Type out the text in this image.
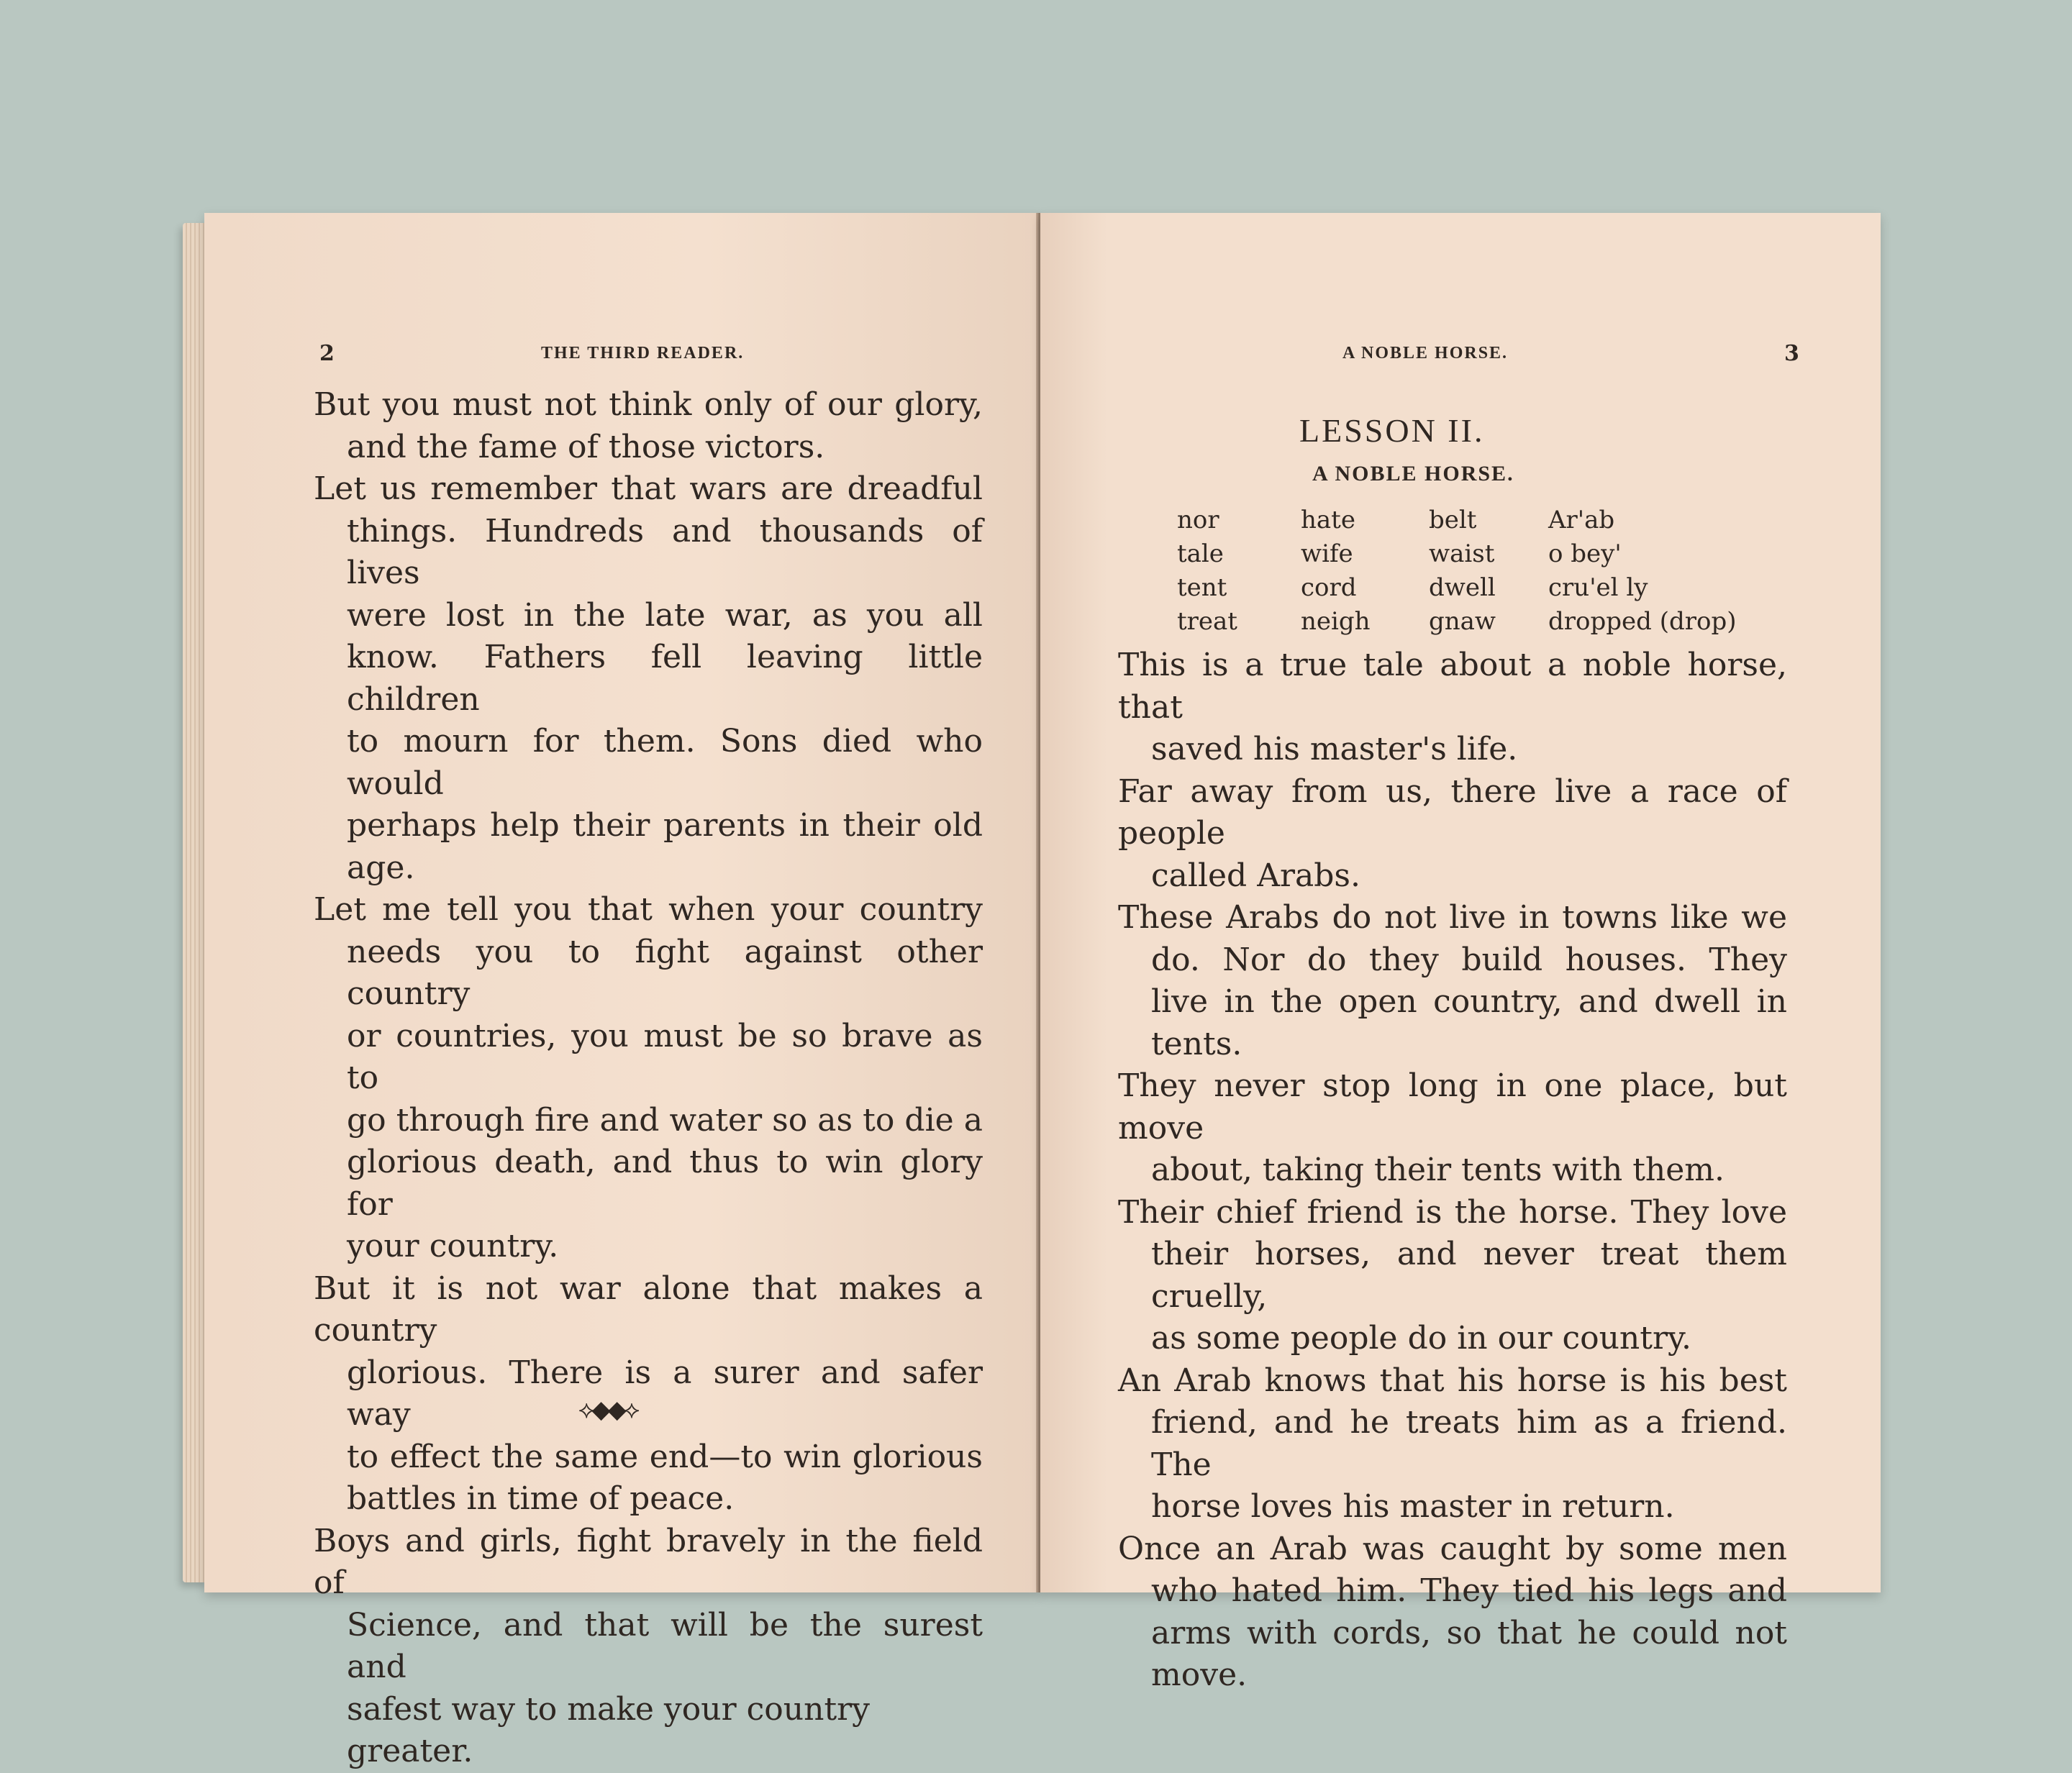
2	THE THIRD READER.
But you must not think only of our glory,
and the fame of those victors.
Let us remember that wars are dreadful
things. Hundreds and thousands of lives
were lost in the late war, as you all
know. Fathers fell leaving little children
to mourn for them. Sons died who would
perhaps help their parents in their old
age.
Let me tell you that when your country
needs you to fight against other country
or countries, you must be so brave as to
go through fire and water so as to die a
glorious death, and thus to win glory for
your country.
But it is not war alone that makes a country
glorious. There is a surer and safer way
to effect the same end—to win glorious
battles in time of peace.
Boys and girls, fight bravely in the field of
Science, and that will be the surest and
safest way to make your country greater.
⟡◆◆⟡
A NOBLE HORSE.	3
LESSON II.
A NOBLE HORSE.
nor
tale
tent
treat
hate
wife
cord
neigh
belt
waist
dwell
gnaw
Ar'ab
o bey'
cru'el ly
dropped (drop)
This is a true tale about a noble horse, that
saved his master's life.
Far away from us, there live a race of people
called Arabs.
These Arabs do not live in towns like we
do. Nor do they build houses. They
live in the open country, and dwell in
tents.
They never stop long in one place, but move
about, taking their tents with them.
Their chief friend is the horse. They love
their horses, and never treat them cruelly,
as some people do in our country.
An Arab knows that his horse is his best
friend, and he treats him as a friend. The
horse loves his master in return.
Once an Arab was caught by some men
who hated him. They tied his legs and
arms with cords, so that he could not
move.
